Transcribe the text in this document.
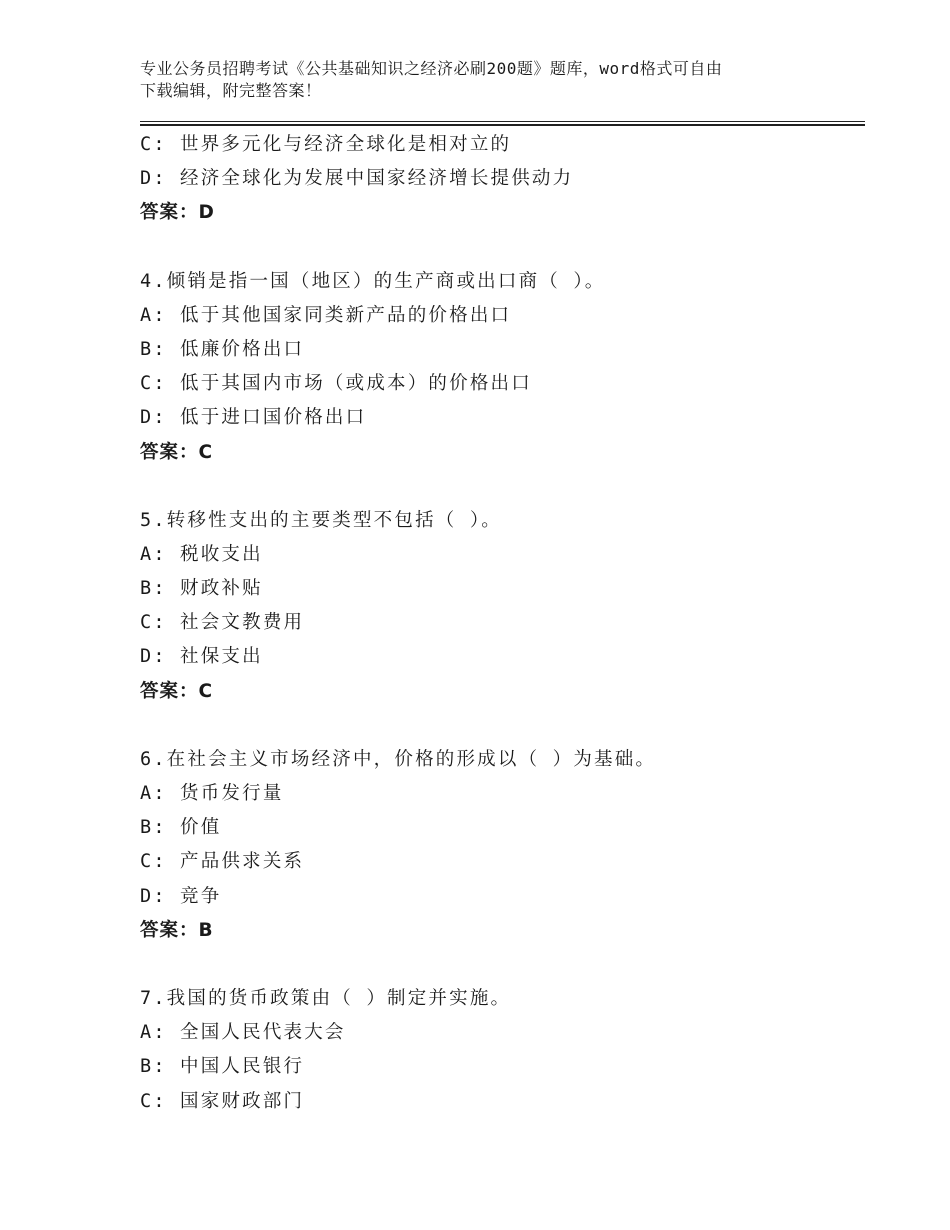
专业公务员招聘考试《公共基础知识之经济必刷200题》题库，word格式可自由
下载编辑，附完整答案！
C: 世界多元化与经济全球化是相对立的
D: 经济全球化为发展中国家经济增长提供动力
答案：D
4.倾销是指一国（地区）的生产商或出口商（ ）。
A: 低于其他国家同类新产品的价格出口
B: 低廉价格出口
C: 低于其国内市场（或成本）的价格出口
D: 低于进口国价格出口
答案：C
5.转移性支出的主要类型不包括（ ）。
A: 税收支出
B: 财政补贴
C: 社会文教费用
D: 社保支出
答案：C
6.在社会主义市场经济中，价格的形成以（ ）为基础。
A: 货币发行量
B: 价值
C: 产品供求关系
D: 竞争
答案：B
7.我国的货币政策由（ ）制定并实施。
A: 全国人民代表大会
B: 中国人民银行
C: 国家财政部门
